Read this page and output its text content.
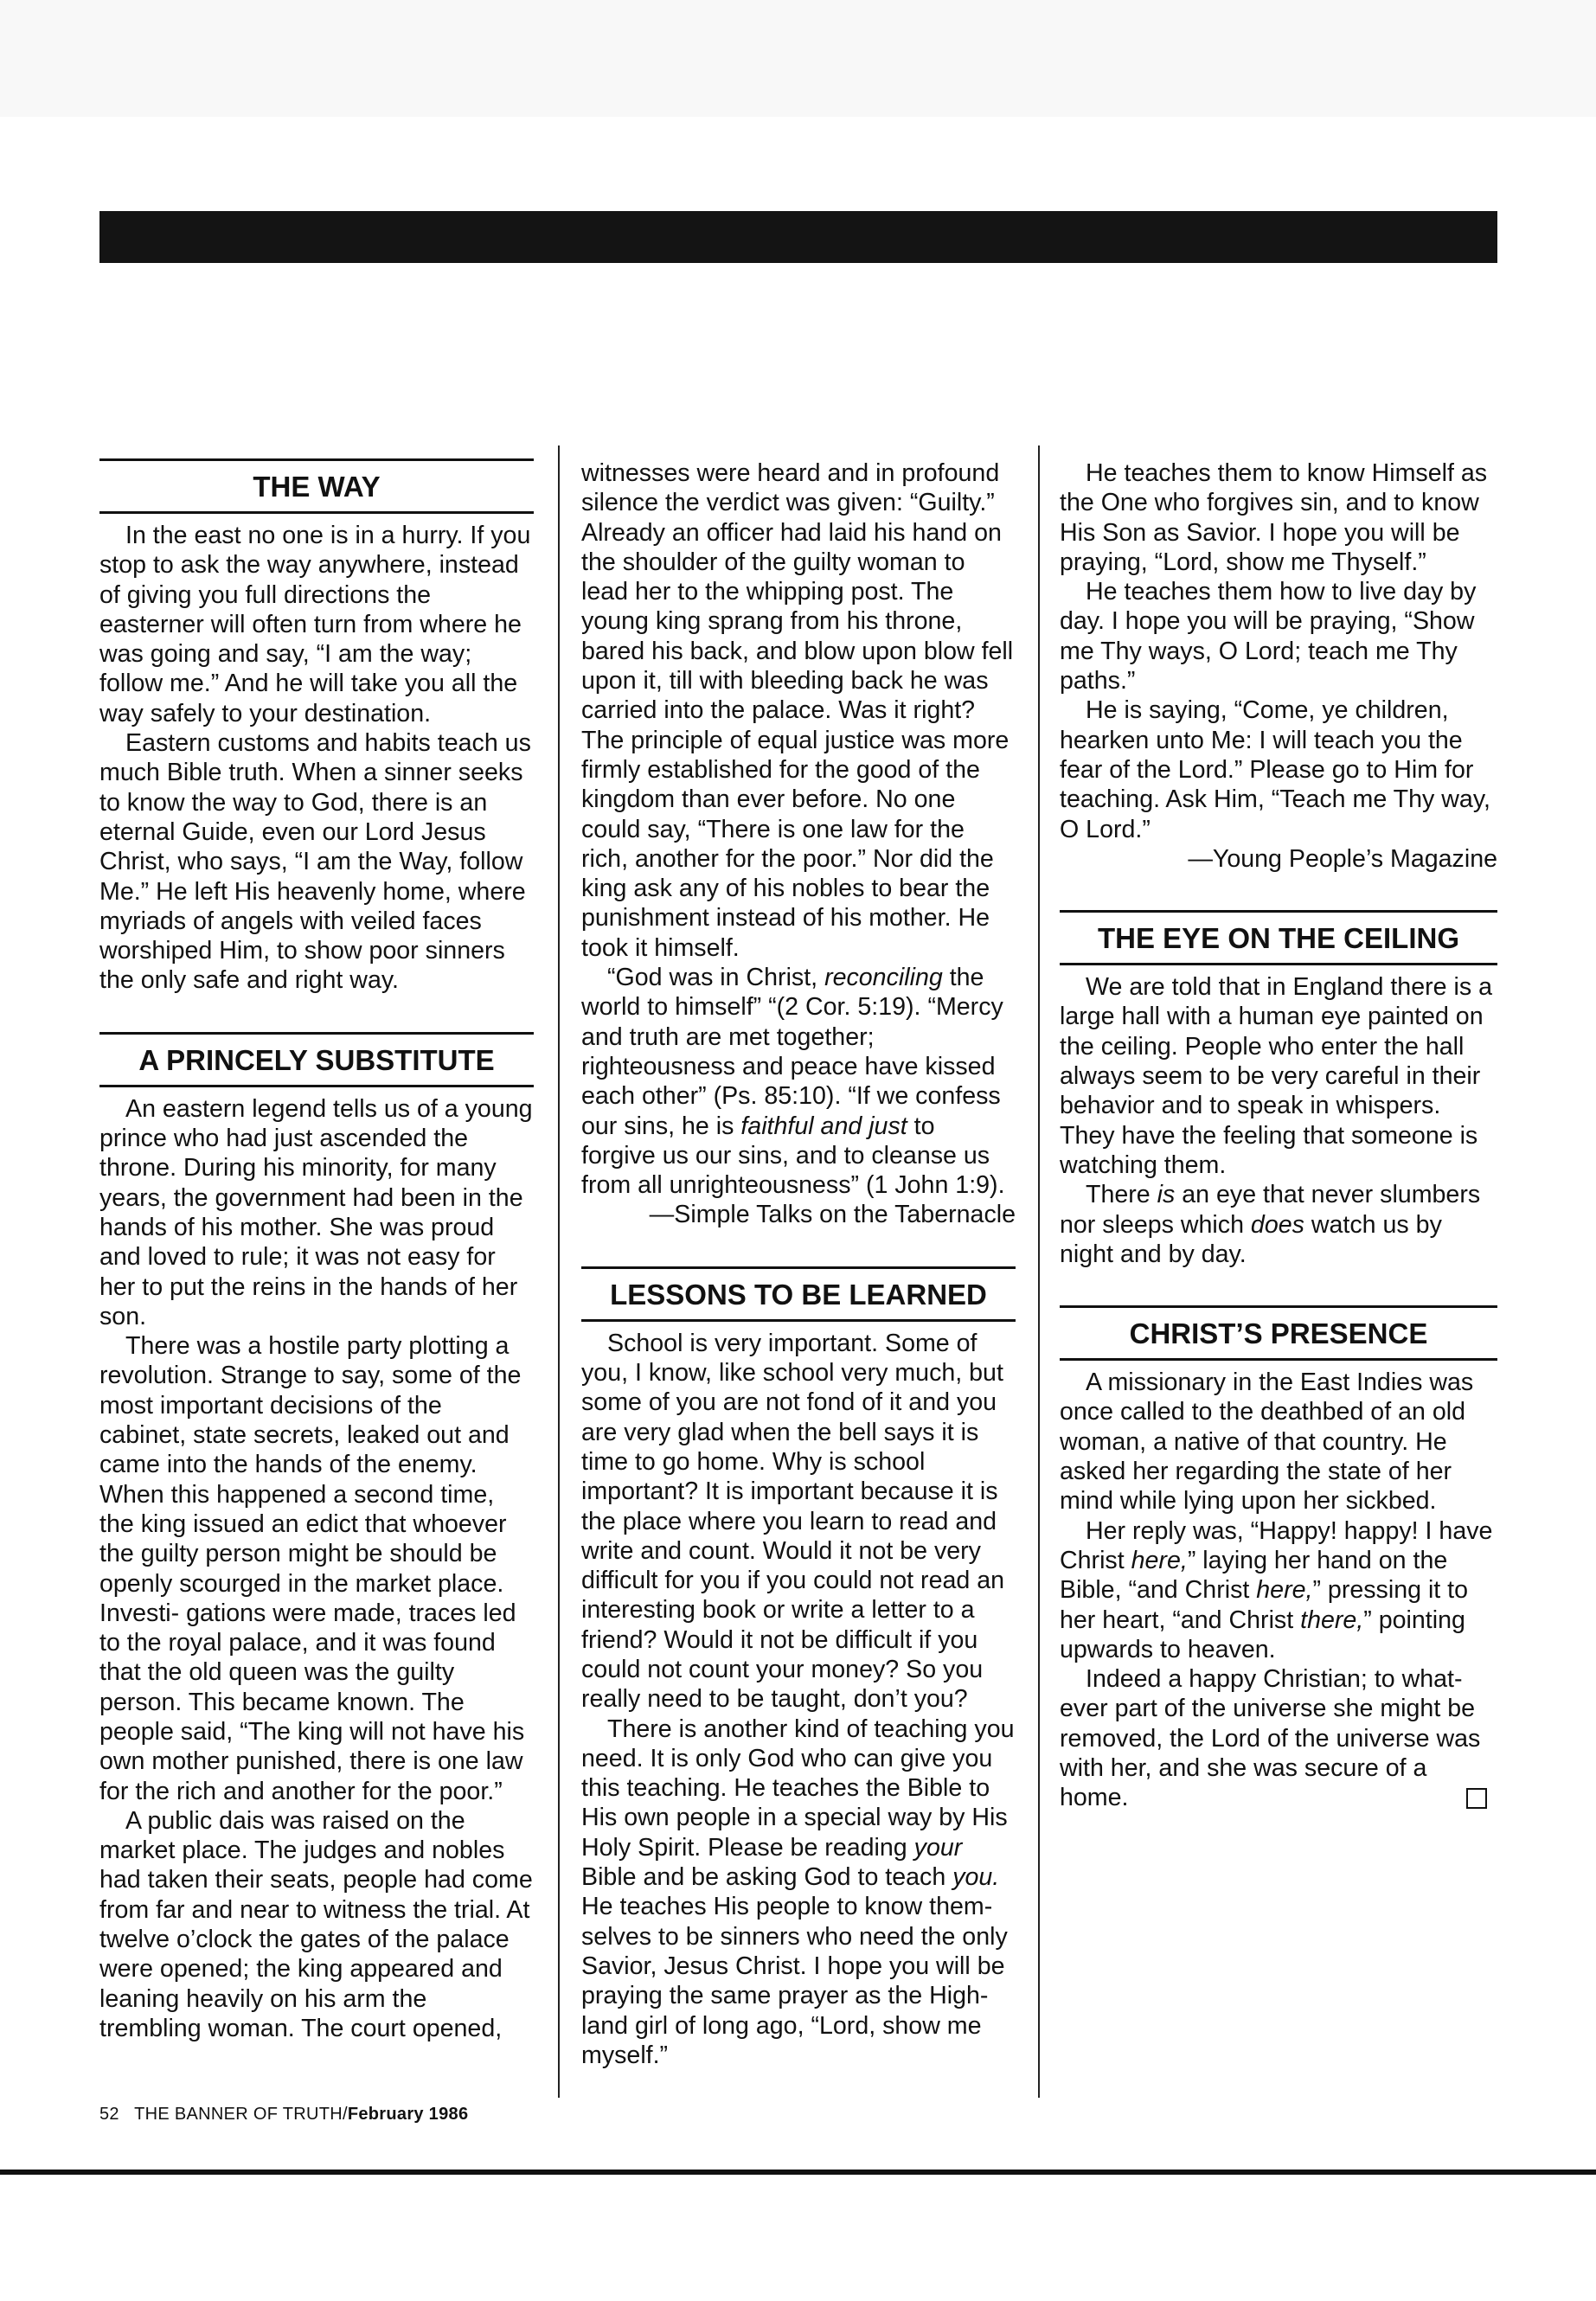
THE WAY

In the east no one is in a hurry. If you stop to ask the way anywhere, instead of giving you full directions the easterner will often turn from where he was going and say, “I am the way; follow me.” And he will take you all the way safely to your destination.

Eastern customs and habits teach us much Bible truth. When a sinner seeks to know the way to God, there is an eternal Guide, even our Lord Jesus Christ, who says, “I am the Way, follow Me.” He left His heavenly home, where myriads of angels with veiled faces worshiped Him, to show poor sinners the only safe and right way.

A PRINCELY SUBSTITUTE

An eastern legend tells us of a young prince who had just ascended the throne. During his minority, for many years, the government had been in the hands of his mother. She was proud and loved to rule; it was not easy for her to put the reins in the hands of her son.

There was a hostile party plotting a revolution. Strange to say, some of the most important decisions of the cabinet, state secrets, leaked out and came into the hands of the enemy. When this happened a second time, the king issued an edict that whoever the guilty person might be should be openly scourged in the market place. Investi- gations were made, traces led to the royal palace, and it was found that the old queen was the guilty person. This became known. The people said, “The king will not have his own mother punished, there is one law for the rich and another for the poor.”

A public dais was raised on the market place. The judges and nobles had taken their seats, people had come from far and near to witness the trial. At twelve o’clock the gates of the palace were opened; the king appeared and leaning heavily on his arm the trembling woman. The court opened,

witnesses were heard and in profound silence the verdict was given: “Guilty.” Already an officer had laid his hand on the shoulder of the guilty woman to lead her to the whipping post. The young king sprang from his throne, bared his back, and blow upon blow fell upon it, till with bleeding back he was carried into the palace. Was it right? The principle of equal justice was more firmly established for the good of the kingdom than ever before. No one could say, “There is one law for the rich, another for the poor.” Nor did the king ask any of his nobles to bear the punishment instead of his mother. He took it himself.

“God was in Christ, reconciling the world to himself” “(2 Cor. 5:19). “Mercy and truth are met together; righteousness and peace have kissed each other” (Ps. 85:10). “If we confess our sins, he is faithful and just to forgive us our sins, and to cleanse us from all unrighteousness” (1 John 1:9).

—Simple Talks on the Tabernacle

LESSONS TO BE LEARNED

School is very important. Some of you, I know, like school very much, but some of you are not fond of it and you are very glad when the bell says it is time to go home. Why is school important? It is important because it is the place where you learn to read and write and count. Would it not be very difficult for you if you could not read an interesting book or write a letter to a friend? Would it not be difficult if you could not count your money? So you really need to be taught, don’t you?

There is another kind of teaching you need. It is only God who can give you this teaching. He teaches the Bible to His own people in a special way by His Holy Spirit. Please be reading your Bible and be asking God to teach you. He teaches His people to know them- selves to be sinners who need the only Savior, Jesus Christ. I hope you will be praying the same prayer as the High- land girl of long ago, “Lord, show me myself.”

He teaches them to know Himself as the One who forgives sin, and to know His Son as Savior. I hope you will be praying, “Lord, show me Thyself.”

He teaches them how to live day by day. I hope you will be praying, “Show me Thy ways, O Lord; teach me Thy paths.”

He is saying, “Come, ye children, hearken unto Me: I will teach you the fear of the Lord.” Please go to Him for teaching. Ask Him, “Teach me Thy way, O Lord.”

—Young People’s Magazine

THE EYE ON THE CEILING

We are told that in England there is a large hall with a human eye painted on the ceiling. People who enter the hall always seem to be very careful in their behavior and to speak in whispers. They have the feeling that someone is watching them.

There is an eye that never slumbers nor sleeps which does watch us by night and by day.

CHRIST’S PRESENCE

A missionary in the East Indies was once called to the deathbed of an old woman, a native of that country. He asked her regarding the state of her mind while lying upon her sickbed.

Her reply was, “Happy! happy! I have Christ here,” laying her hand on the Bible, “and Christ here,” pressing it to her heart, “and Christ there,” pointing upwards to heaven.

Indeed a happy Christian; to what- ever part of the universe she might be removed, the Lord of the universe was with her, and she was secure of a home.

52 THE BANNER OF TRUTH/February 1986
